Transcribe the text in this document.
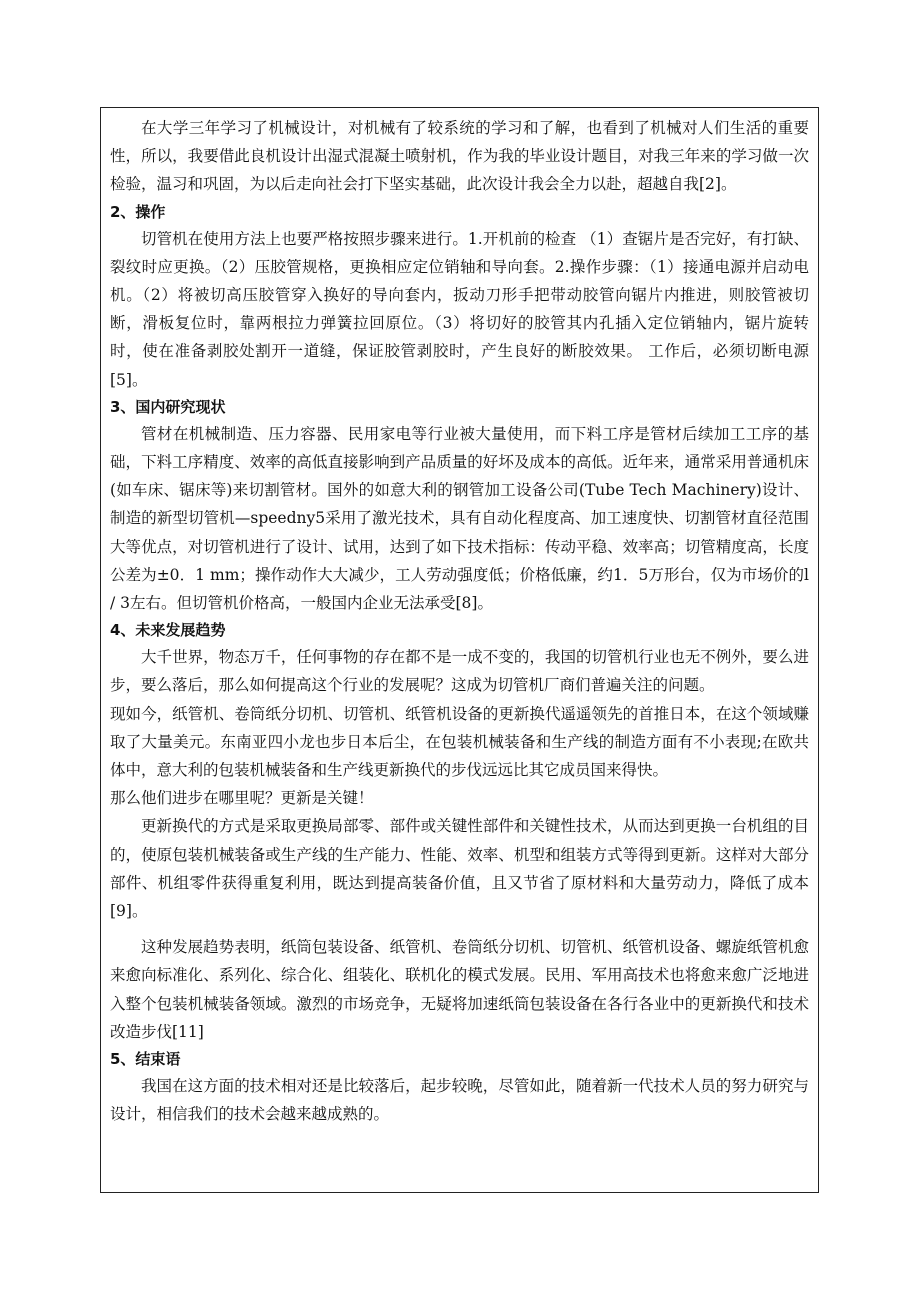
在大学三年学习了机械设计，对机械有了较系统的学习和了解，也看到了机械对人们生活的重要性，所以，我要借此良机设计出湿式混凝土喷射机，作为我的毕业设计题目，对我三年来的学习做一次检验，温习和巩固，为以后走向社会打下坚实基础，此次设计我会全力以赴，超越自我[2]。

2、操作

切管机在使用方法上也要严格按照步骤来进行。1.开机前的检查 （1）查锯片是否完好，有打缺、裂纹时应更换。（2）压胶管规格，更换相应定位销轴和导向套。2.操作步骤：（1）接通电源并启动电机。（2）将被切高压胶管穿入换好的导向套内，扳动刀形手把带动胶管向锯片内推进，则胶管被切断，滑板复位时，靠两根拉力弹簧拉回原位。（3）将切好的胶管其内孔插入定位销轴内，锯片旋转时，使在准备剥胶处割开一道缝，保证胶管剥胶时，产生良好的断胶效果。 工作后，必须切断电源[5]。

3、国内研究现状

管材在机械制造、压力容器、民用家电等行业被大量使用，而下料工序是管材后续加工工序的基础，下料工序精度、效率的高低直接影响到产品质量的好坏及成本的高低。近年来，通常采用普通机床(如车床、锯床等)来切割管材。国外的如意大利的钢管加工设备公司(Tube Tech Machinery)设计、制造的新型切管机—speedny5采用了激光技术，具有自动化程度高、加工速度快、切割管材直径范围大等优点，对切管机进行了设计、试用，达到了如下技术指标：传动平稳、效率高；切管精度高，长度公差为±0．1 mm；操作动作大大减少，工人劳动强度低；价格低廉，约1．5万形台，仅为市场价的l / 3左右。但切管机价格高，一般国内企业无法承受[8]。

4、未来发展趋势

大千世界，物态万千，任何事物的存在都不是一成不变的，我国的切管机行业也无不例外，要么进步，要么落后，那么如何提高这个行业的发展呢？这成为切管机厂商们普遍关注的问题。

现如今，纸管机、卷筒纸分切机、切管机、纸管机设备的更新换代遥遥领先的首推日本，在这个领域赚取了大量美元。东南亚四小龙也步日本后尘，在包装机械装备和生产线的制造方面有不小表现;在欧共体中，意大利的包装机械装备和生产线更新换代的步伐远远比其它成员国来得快。

那么他们进步在哪里呢？更新是关键！

更新换代的方式是采取更换局部零、部件或关键性部件和关键性技术，从而达到更换一台机组的目的，使原包装机械装备或生产线的生产能力、性能、效率、机型和组装方式等得到更新。这样对大部分部件、机组零件获得重复利用，既达到提高装备价值，且又节省了原材料和大量劳动力，降低了成本[9]。

这种发展趋势表明，纸筒包装设备、纸管机、卷筒纸分切机、切管机、纸管机设备、螺旋纸管机愈来愈向标准化、系列化、综合化、组装化、联机化的模式发展。民用、军用高技术也将愈来愈广泛地进入整个包装机械装备领域。激烈的市场竞争，无疑将加速纸筒包装设备在各行各业中的更新换代和技术改造步伐[11]

5、结束语

我国在这方面的技术相对还是比较落后，起步较晚，尽管如此，随着新一代技术人员的努力研究与设计，相信我们的技术会越来越成熟的。
